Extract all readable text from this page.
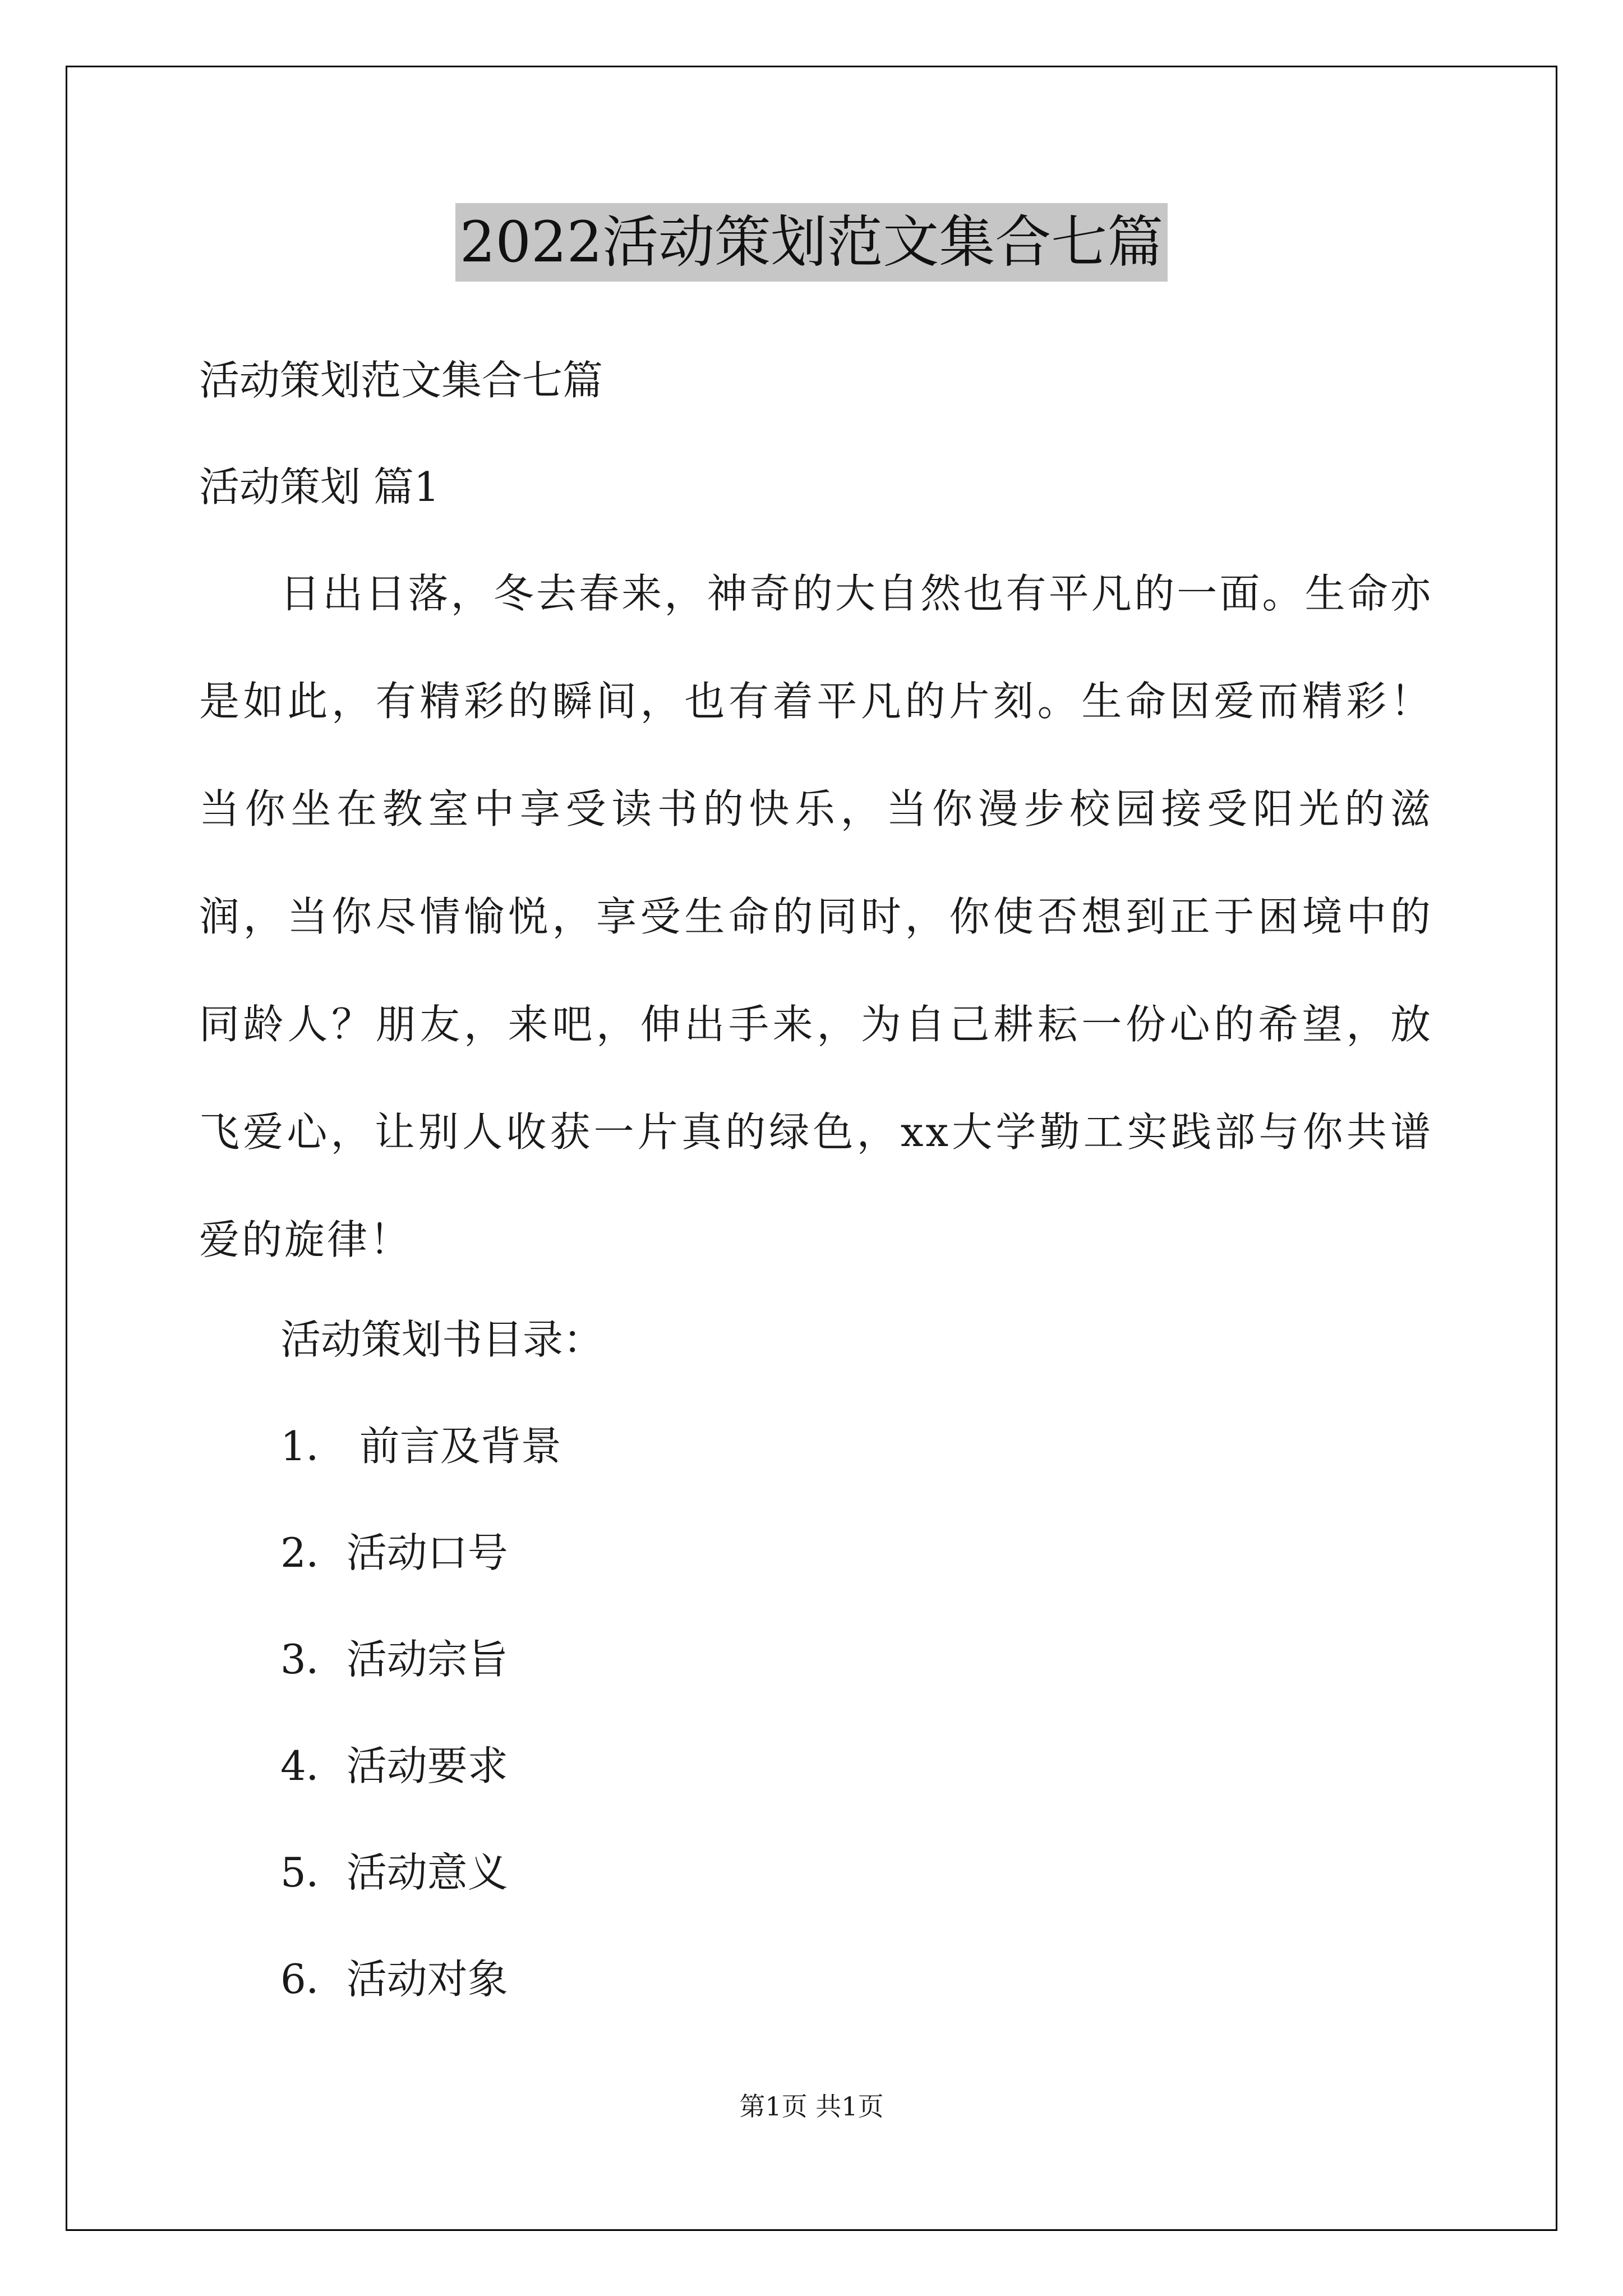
2022活动策划范文集合七篇
活动策划范文集合七篇
活动策划 篇1
日出日落，冬去春来，神奇的大自然也有平凡的一面。生命亦是如此，有精彩的瞬间，也有着平凡的片刻。生命因爱而精彩！当你坐在教室中享受读书的快乐，当你漫步校园接受阳光的滋润，当你尽情愉悦，享受生命的同时，你使否想到正于困境中的同龄人？朋友，来吧，伸出手来，为自己耕耘一份心的希望，放飞爱心，让别人收获一片真的绿色，xx大学勤工实践部与你共谱爱的旋律！
活动策划书目录：
1． 前言及背景
2．活动口号
3．活动宗旨
4．活动要求
5．活动意义
6．活动对象
第1页 共1页
